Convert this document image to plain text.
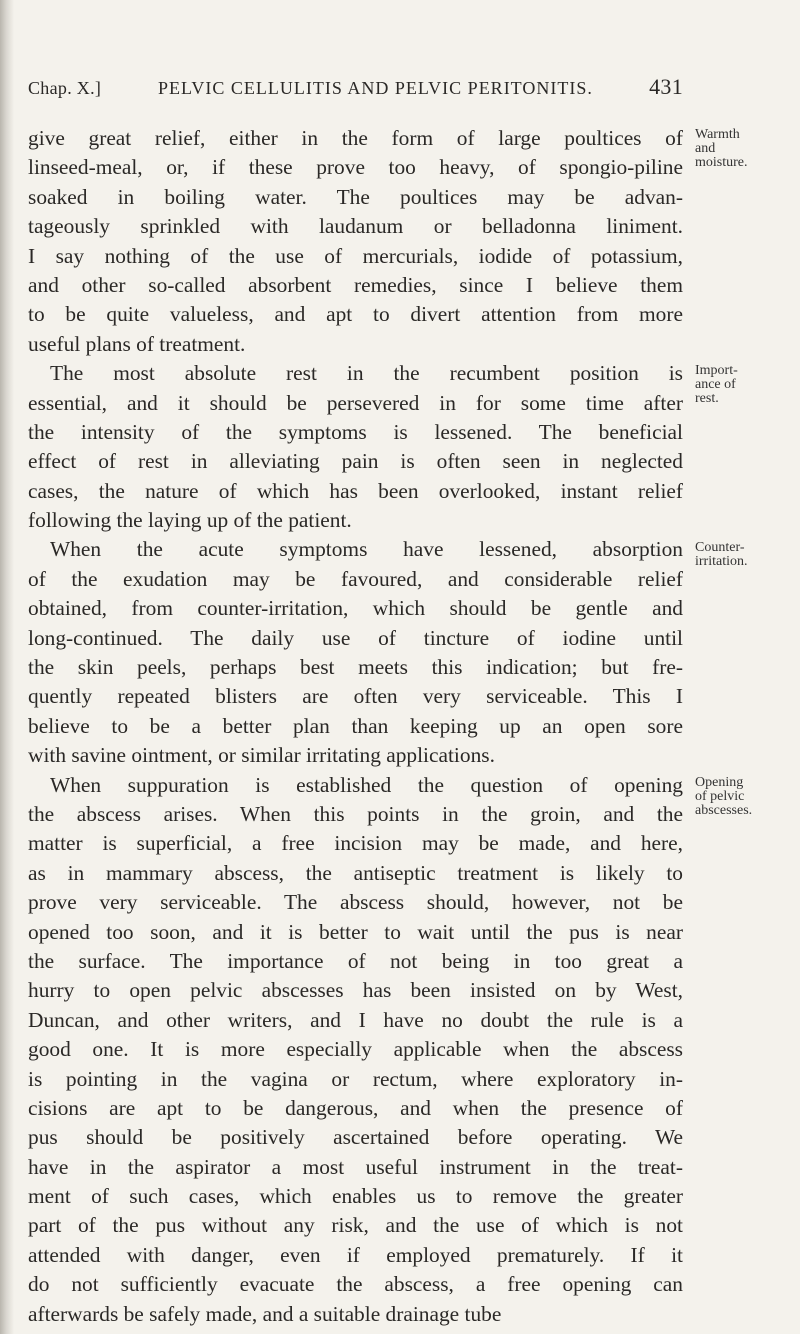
Chap. X.]	PELVIC CELLULITIS AND PELVIC PERITONITIS.	431
give great relief, either in the form of large poultices of
linseed-meal, or, if these prove too heavy, of spongio-piline
soaked in boiling water. The poultices may be advan-
tageously sprinkled with laudanum or belladonna liniment.
I say nothing of the use of mercurials, iodide of potassium,
and other so-called absorbent remedies, since I believe them
to be quite valueless, and apt to divert attention from more
useful plans of treatment.
The most absolute rest in the recumbent position is
essential, and it should be persevered in for some time after
the intensity of the symptoms is lessened. The beneficial
effect of rest in alleviating pain is often seen in neglected
cases, the nature of which has been overlooked, instant relief
following the laying up of the patient.
When the acute symptoms have lessened, absorption
of the exudation may be favoured, and considerable relief
obtained, from counter-irritation, which should be gentle and
long-continued. The daily use of tincture of iodine until
the skin peels, perhaps best meets this indication; but fre-
quently repeated blisters are often very serviceable. This I
believe to be a better plan than keeping up an open sore
with savine ointment, or similar irritating applications.
When suppuration is established the question of opening
the abscess arises. When this points in the groin, and the
matter is superficial, a free incision may be made, and here,
as in mammary abscess, the antiseptic treatment is likely to
prove very serviceable. The abscess should, however, not be
opened too soon, and it is better to wait until the pus is near
the surface. The importance of not being in too great a
hurry to open pelvic abscesses has been insisted on by West,
Duncan, and other writers, and I have no doubt the rule is a
good one. It is more especially applicable when the abscess
is pointing in the vagina or rectum, where exploratory in-
cisions are apt to be dangerous, and when the presence of
pus should be positively ascertained before operating. We
have in the aspirator a most useful instrument in the treat-
ment of such cases, which enables us to remove the greater
part of the pus without any risk, and the use of which is not
attended with danger, even if employed prematurely. If it
do not sufficiently evacuate the abscess, a free opening can
afterwards be safely made, and a suitable drainage tube
Warmth
and
moisture.
Import-
ance of
rest.
Counter-
irritation.
Opening
of pelvic
abscesses.
